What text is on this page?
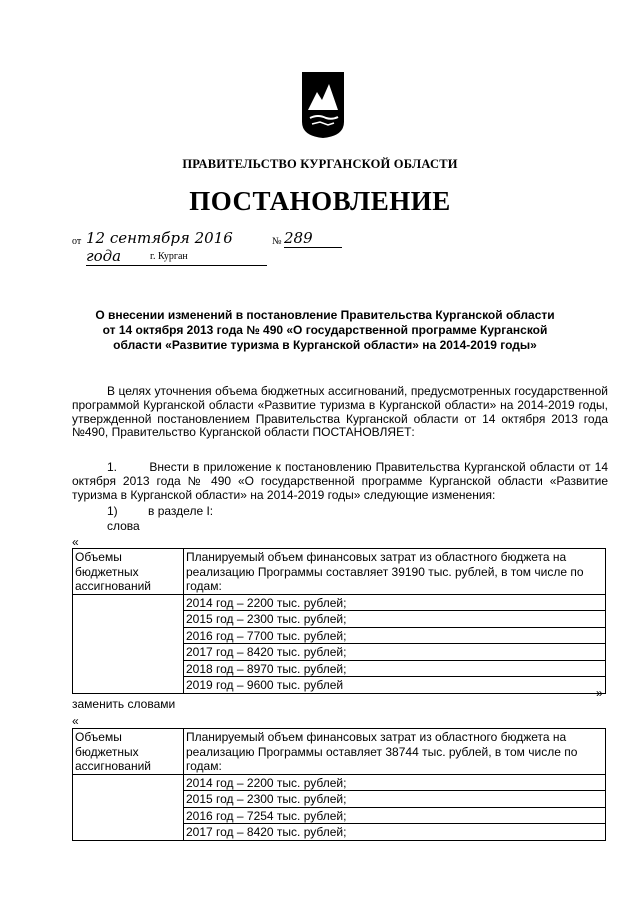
ПРАВИТЕЛЬСТВО КУРГАНСКОЙ ОБЛАСТИ
ПОСТАНОВЛЕНИЕ
от 12 сентября 2016 года
№ 289
г. Курган
О внесении изменений в постановление Правительства Курганской области
от 14 октября 2013 года № 490 «О государственной программе Курганской
области «Развитие туризма в Курганской области» на 2014-2019 годы»
В целях уточнения объема бюджетных ассигнований, предусмотренных государственной программой Курганской области «Развитие туризма в Курганской области» на 2014-2019 годы, утвержденной постановлением Правительства Курганской области от 14 октября 2013 года №490, Правительство Курганской области ПОСТАНОВЛЯЕТ:
1.	Внести в приложение к постановлению Правительства Курганской области от 14 октября 2013 года № 490 «О государственной программе Курганской области «Развитие туризма в Курганской области» на 2014-2019 годы» следующие изменения:
1)	в разделе I:
слова
«
Объемы бюджетных ассигнований	Планируемый объем финансовых затрат из областного бюджета на реализацию Программы составляет 39190 тыс. рублей, в том числе по годам:

	2014 год – 2200 тыс. рублей;
	2015 год – 2300 тыс. рублей;
	2016 год – 7700 тыс. рублей;
	2017 год – 8420 тыс. рублей;
	2018 год – 8970 тыс. рублей;
	2019 год – 9600 тыс. рублей
»
заменить словами
«
Объемы бюджетных ассигнований	Планируемый объем финансовых затрат из областного бюджета на реализацию Программы оставляет 38744 тыс. рублей, в том числе по годам:

	2014 год – 2200 тыс. рублей;
	2015 год – 2300 тыс. рублей;
	2016 год – 7254 тыс. рублей;
	2017 год – 8420 тыс. рублей;
